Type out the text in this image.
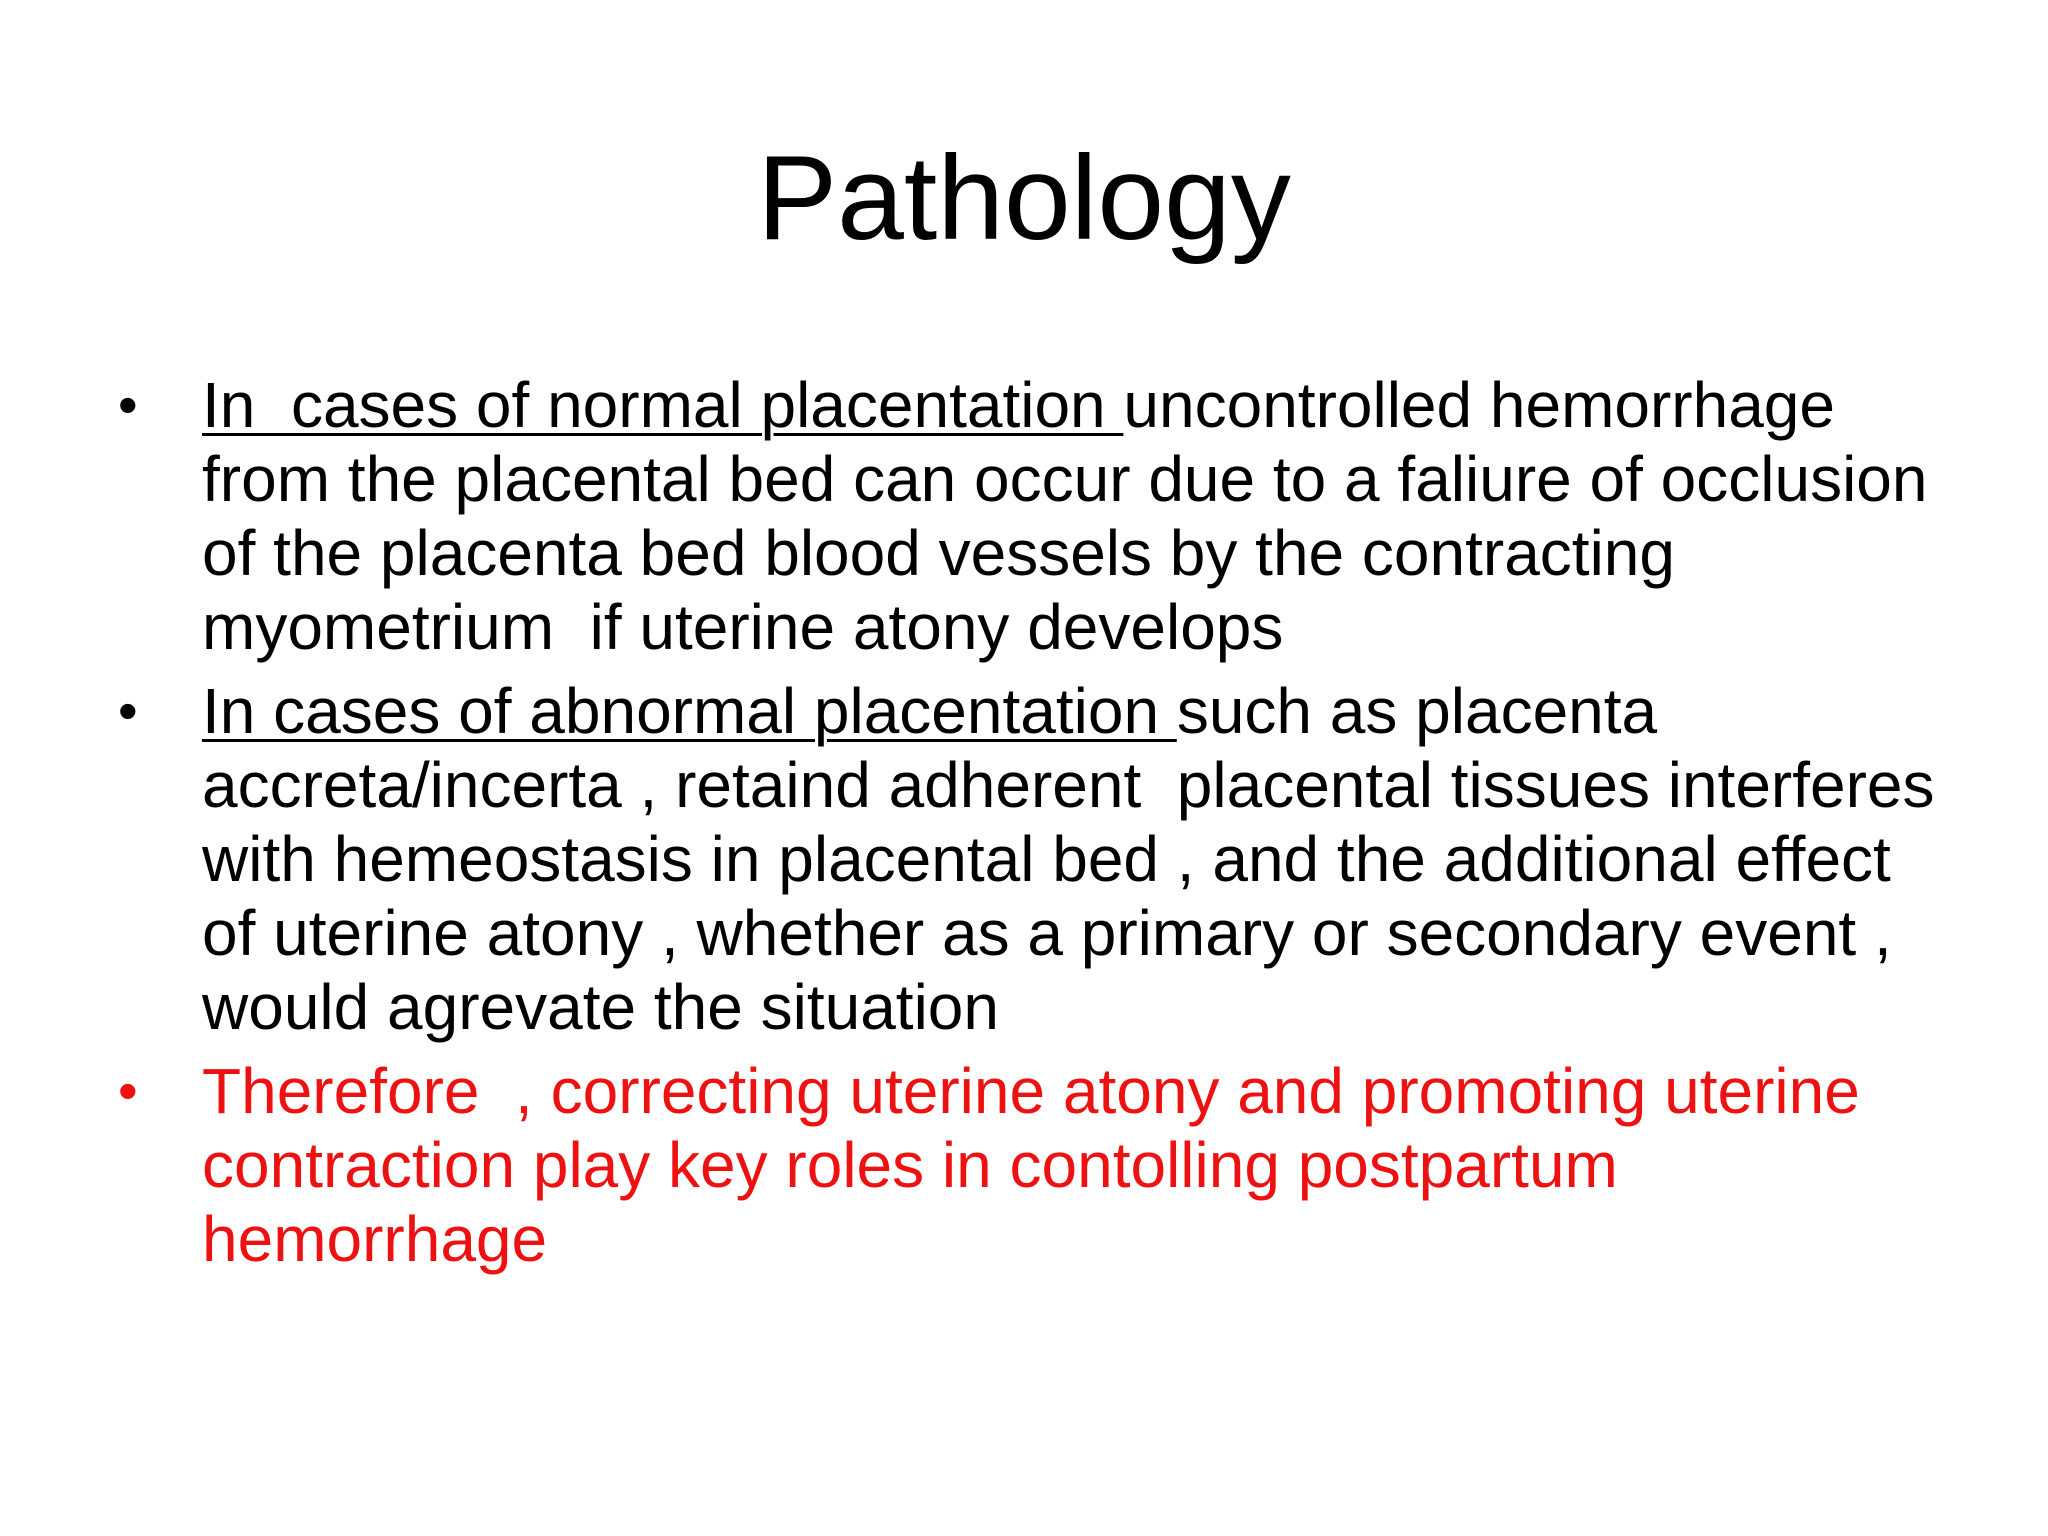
Pathology
•	In  cases of normal placentation uncontrolled hemorrhage from the placental bed can occur due to a faliure of occlusion of the placenta bed blood vessels by the contracting myometrium  if uterine atony develops
•	In cases of abnormal placentation such as placenta accreta/incerta , retaind adherent  placental tissues interferes with hemeostasis in placental bed , and the additional effect of uterine atony , whether as a primary or secondary event , would agrevate the situation
•	Therefore  , correcting uterine atony and promoting uterine contraction play key roles in contolling postpartum hemorrhage
